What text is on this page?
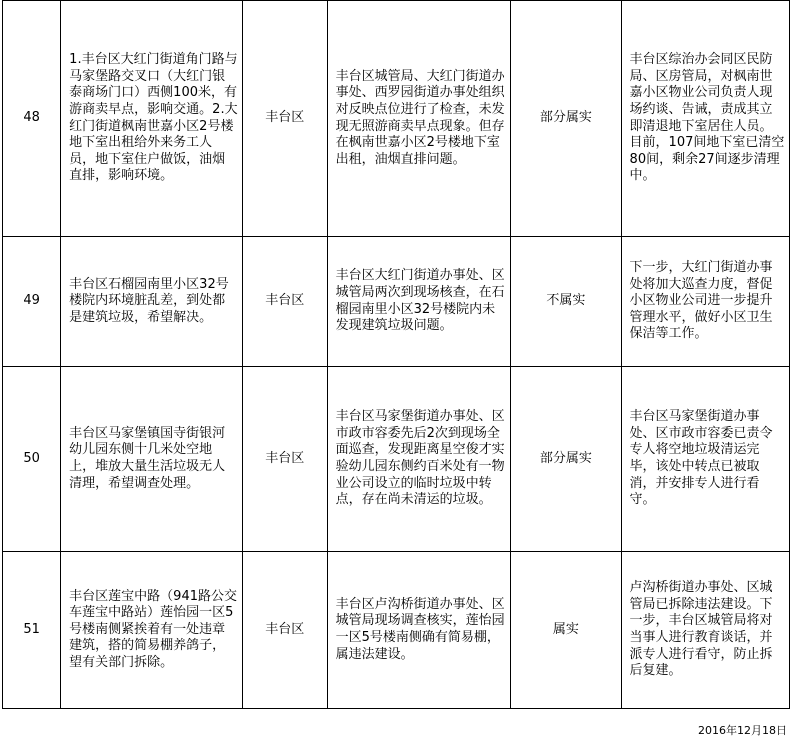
48	1.丰台区大红门街道角门路与马家堡路交叉口（大红门银泰商场门口）西侧100米，有游商卖早点，影响交通。2.大红门街道枫南世嘉小区2号楼地下室出租给外来务工人员，地下室住户做饭，油烟直排，影响环境。	丰台区	丰台区城管局、大红门街道办事处、西罗园街道办事处组织对反映点位进行了检查，未发现无照游商卖早点现象。但存在枫南世嘉小区2号楼地下室出租，油烟直排问题。	部分属实	丰台区综治办会同区民防局、区房管局，对枫南世嘉小区物业公司负责人现场约谈、告诫，责成其立即清退地下室居住人员。目前，107间地下室已清空80间，剩余27间逐步清理中。

49	丰台区石榴园南里小区32号楼院内环境脏乱差，到处都是建筑垃圾，希望解决。	丰台区	丰台区大红门街道办事处、区城管局两次到现场核查，在石榴园南里小区32号楼院内未发现建筑垃圾问题。	不属实	下一步，大红门街道办事处将加大巡查力度，督促小区物业公司进一步提升管理水平，做好小区卫生保洁等工作。

50	丰台区马家堡镇国寺街银河幼儿园东侧十几米处空地上，堆放大量生活垃圾无人清理，希望调查处理。	丰台区	丰台区马家堡街道办事处、区市政市容委先后2次到现场全面巡查，发现距离星空俊才实验幼儿园东侧约百米处有一物业公司设立的临时垃圾中转点，存在尚未清运的垃圾。	部分属实	丰台区马家堡街道办事处、区市政市容委已责令专人将空地垃圾清运完毕，该处中转点已被取消，并安排专人进行看守。

51	丰台区莲宝中路（941路公交车莲宝中路站）莲怡园一区5号楼南侧紧挨着有一处违章建筑，搭的简易棚养鸽子，望有关部门拆除。	丰台区	丰台区卢沟桥街道办事处、区城管局现场调查核实，莲怡园一区5号楼南侧确有简易棚，属违法建设。	属实	卢沟桥街道办事处、区城管局已拆除违法建设。下一步，丰台区城管局将对当事人进行教育谈话，并派专人进行看守，防止拆后复建。
2016年12月18日
